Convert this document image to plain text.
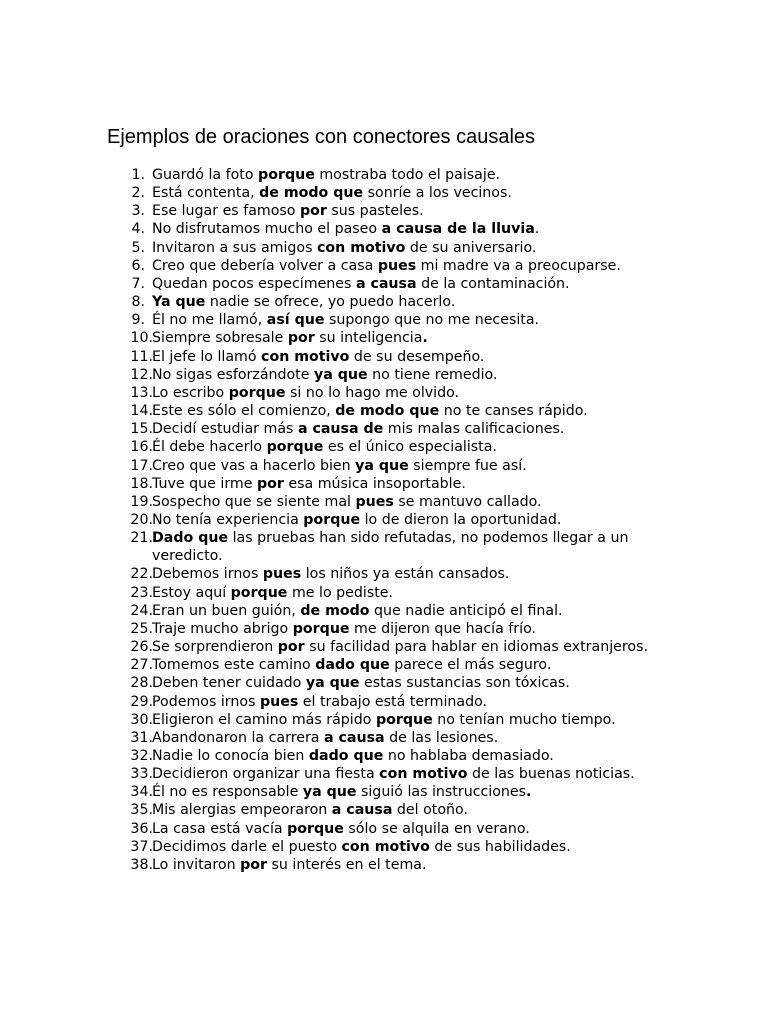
Ejemplos de oraciones con conectores causales
1. Guardó la foto porque mostraba todo el paisaje.
2. Está contenta, de modo que sonríe a los vecinos.
3. Ese lugar es famoso por sus pasteles.
4. No disfrutamos mucho el paseo a causa de la lluvia.
5. Invitaron a sus amigos con motivo de su aniversario.
6. Creo que debería volver a casa pues mi madre va a preocuparse.
7. Quedan pocos especímenes a causa de la contaminación.
8. Ya que nadie se ofrece, yo puedo hacerlo.
9. Él no me llamó, así que supongo que no me necesita.
10. Siempre sobresale por su inteligencia.
11. El jefe lo llamó con motivo de su desempeño.
12. No sigas esforzándote ya que no tiene remedio.
13. Lo escribo porque si no lo hago me olvido.
14. Este es sólo el comienzo, de modo que no te canses rápido.
15. Decidí estudiar más a causa de mis malas calificaciones.
16. Él debe hacerlo porque es el único especialista.
17. Creo que vas a hacerlo bien ya que siempre fue así.
18. Tuve que irme por esa música insoportable.
19. Sospecho que se siente mal pues se mantuvo callado.
20. No tenía experiencia porque lo de dieron la oportunidad.
21. Dado que las pruebas han sido refutadas, no podemos llegar a un veredicto.
22. Debemos irnos pues los niños ya están cansados.
23. Estoy aquí porque me lo pediste.
24. Eran un buen guión, de modo que nadie anticipó el final.
25. Traje mucho abrigo porque me dijeron que hacía frío.
26. Se sorprendieron por su facilidad para hablar en idiomas extranjeros.
27. Tomemos este camino dado que parece el más seguro.
28. Deben tener cuidado ya que estas sustancias son tóxicas.
29. Podemos irnos pues el trabajo está terminado.
30. Eligieron el camino más rápido porque no tenían mucho tiempo.
31. Abandonaron la carrera a causa de las lesiones.
32. Nadie lo conocía bien dado que no hablaba demasiado.
33. Decidieron organizar una fiesta con motivo de las buenas noticias.
34. Él no es responsable ya que siguió las instrucciones.
35. Mis alergias empeoraron a causa del otoño.
36. La casa está vacía porque sólo se alquila en verano.
37. Decidimos darle el puesto con motivo de sus habilidades.
38. Lo invitaron por su interés en el tema.
